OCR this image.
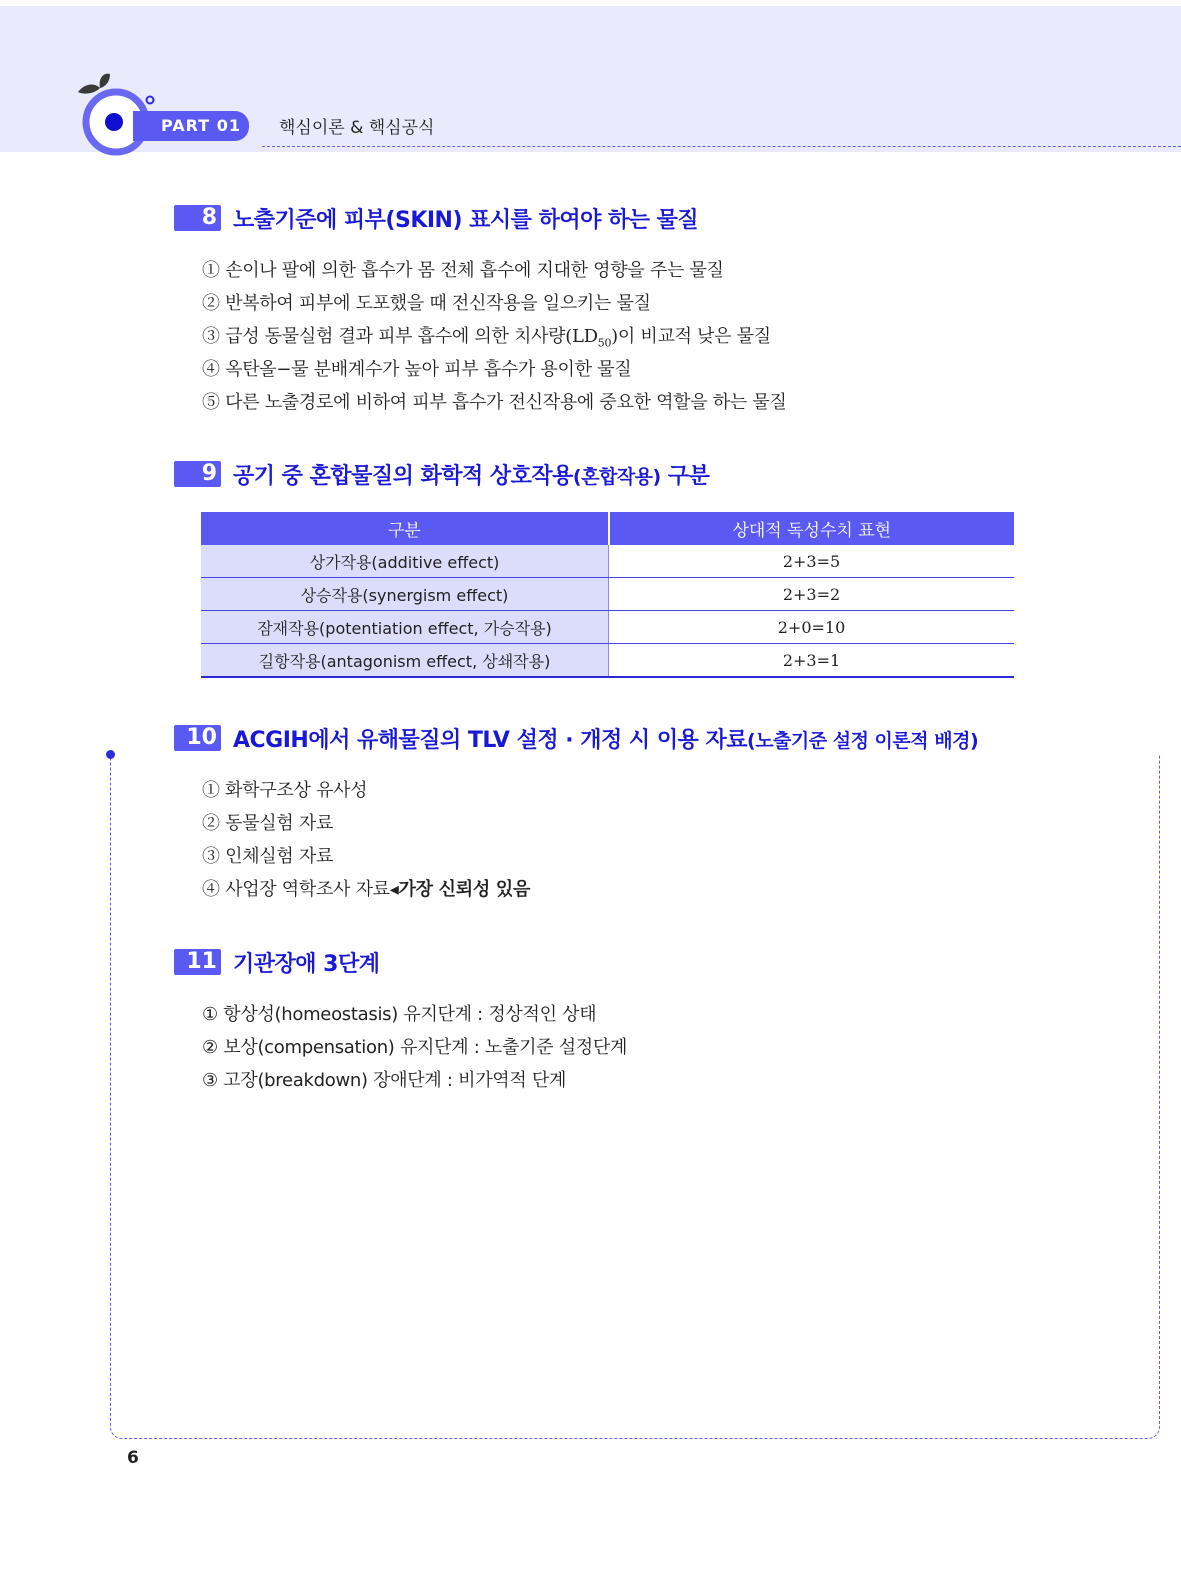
PART 01	핵심이론 & 핵심공식
8 노출기준에 피부(SKIN) 표시를 하여야 하는 물질
① 손이나 팔에 의한 흡수가 몸 전체 흡수에 지대한 영향을 주는 물질
② 반복하여 피부에 도포했을 때 전신작용을 일으키는 물질
③ 급성 동물실험 결과 피부 흡수에 의한 치사량$(LD_{50})$이 비교적 낮은 물질
④ 옥탄올−물 분배계수가 높아 피부 흡수가 용이한 물질
⑤ 다른 노출경로에 비하여 피부 흡수가 전신작용에 중요한 역할을 하는 물질
9 공기 중 혼합물질의 화학적 상호작용(혼합작용) 구분
구분	상대적 독성수치 표현
상가작용(additive effect)	2+3=5
상승작용(synergism effect)	2+3=2
잠재작용(potentiation effect, 가승작용)	2+0=10
길항작용(antagonism effect, 상쇄작용)	2+3=1
10 ACGIH에서 유해물질의 TLV 설정 · 개정 시 이용 자료(노출기준 설정 이론적 배경)
① 화학구조상 유사성
② 동물실험 자료
③ 인체실험 자료
④ 사업장 역학조사 자료◂가장 신뢰성 있음
11 기관장애 3단계
① 항상성(homeostasis) 유지단계 : 정상적인 상태
② 보상(compensation) 유지단계 : 노출기준 설정단계
③ 고장(breakdown) 장애단계 : 비가역적 단계
6
